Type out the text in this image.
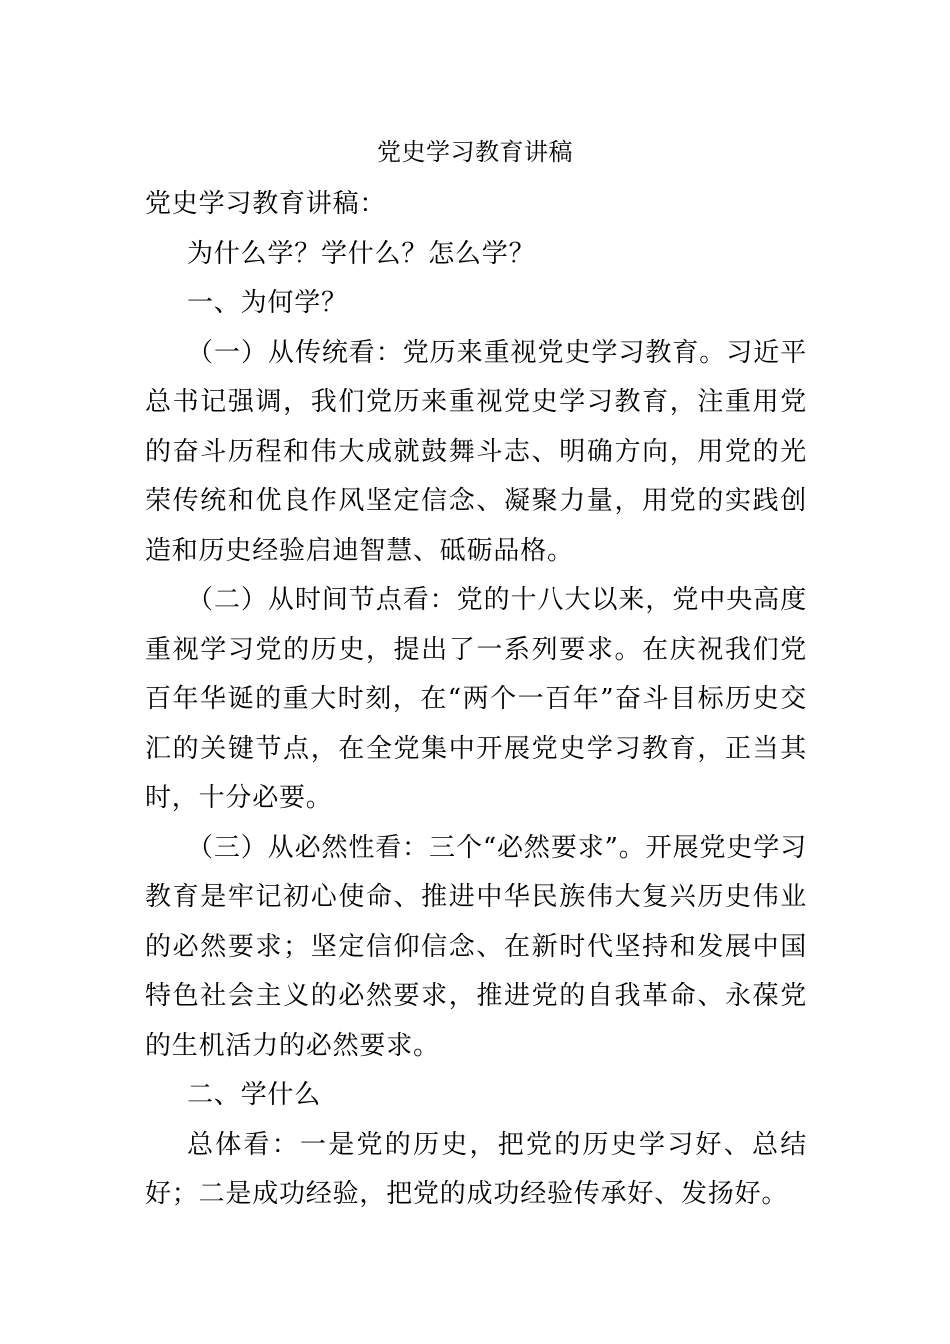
党史学习教育讲稿

党史学习教育讲稿：

为什么学？学什么？怎么学？

一、为何学？

（一）从传统看：党历来重视党史学习教育。习近平总书记强调，我们党历来重视党史学习教育，注重用党的奋斗历程和伟大成就鼓舞斗志、明确方向，用党的光荣传统和优良作风坚定信念、凝聚力量，用党的实践创造和历史经验启迪智慧、砥砺品格。

（二）从时间节点看：党的十八大以来，党中央高度重视学习党的历史，提出了一系列要求。在庆祝我们党百年华诞的重大时刻，在“两个一百年”奋斗目标历史交汇的关键节点，在全党集中开展党史学习教育，正当其时，十分必要。

（三）从必然性看：三个“必然要求”。开展党史学习教育是牢记初心使命、推进中华民族伟大复兴历史伟业的必然要求；坚定信仰信念、在新时代坚持和发展中国特色社会主义的必然要求，推进党的自我革命、永葆党的生机活力的必然要求。

二、学什么

总体看：一是党的历史，把党的历史学习好、总结好；二是成功经验，把党的成功经验传承好、发扬好。
